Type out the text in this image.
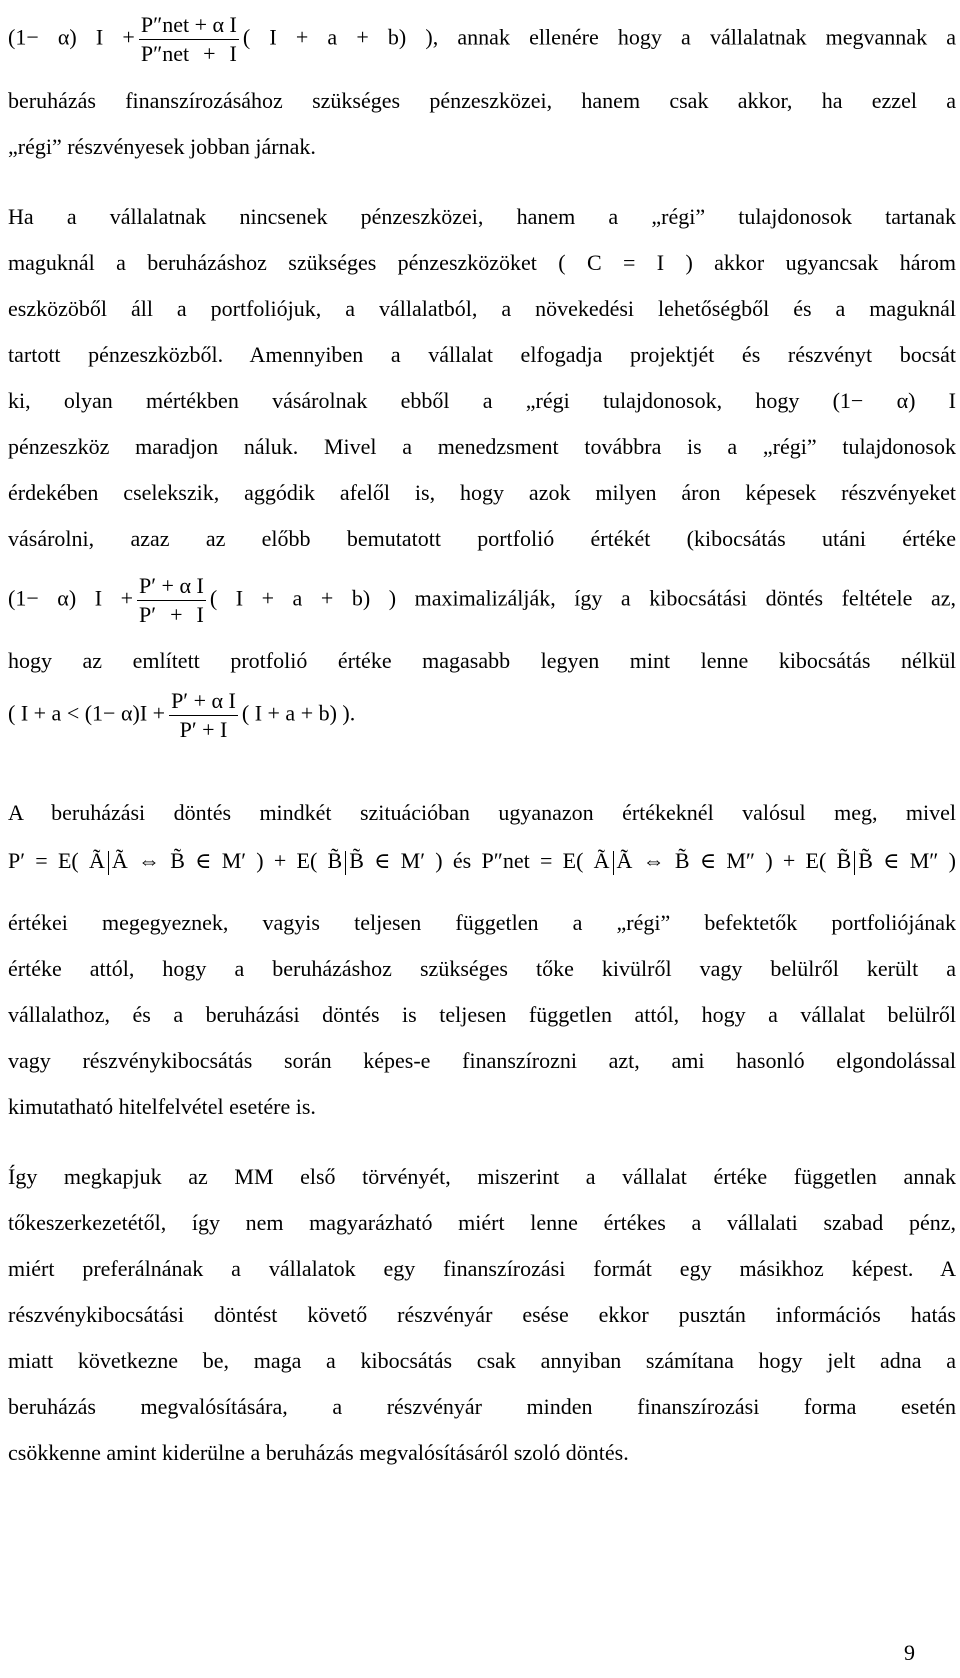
(1− α) $I + \frac{\text{P″net + α I}}{\text{P″net + I}}$ ( I + a + b) ), annak ellenére hogy a vállalatnak megvannak a
beruházás finanszírozásához szükséges pénzeszközei, hanem csak akkor, ha ezzel a
„régi” részvényesek jobban járnak.
Ha a vállalatnak nincsenek pénzeszközei, hanem a „régi” tulajdonosok tartanak
maguknál a beruházáshoz szükséges pénzeszközöket ( C = I ) akkor ugyancsak három
eszközöből áll a portfoliójuk, a vállalatból, a növekedési lehetőségből és a maguknál
tartott pénzeszközből. Amennyiben a vállalat elfogadja projektjét és részvényt bocsát
ki, olyan mértékben vásárolnak ebből a „régi tulajdonosok, hogy (1− α) I
pénzeszköz maradjon náluk. Mivel a menedzsment továbbra is a „régi” tulajdonosok
érdekében cselekszik, aggódik afelől is, hogy azok milyen áron képesek részvényeket
vásárolni, azaz az előbb bemutatott portfolió értékét (kibocsátás utáni értéke
(1− α) $I + \frac{\text{P′ + α I}}{P' + I}$ ( I + a + b) ) maximalizálják, így a kibocsátási döntés feltétele az,
hogy az említett protfolió értéke magasabb legyen mint lenne kibocsátás nélkül
( $I + a < (1- \alpha)I + \frac{\text{P′ + α I}}{P' + I}$ ( I + a + b) ).
A beruházási döntés mindkét szituációban ugyanazon értékeknél valósul meg, mivel
P′ = E( Ã Ã ⇔ B̃ ∈ M′ ) + E( B̃ B̃ ∈ M′ ) és P″net = E( Ã Ã ⇔ B̃ ∈ M″ ) + E( B̃ B̃ ∈ M″ )
értékei megegyeznek, vagyis teljesen független a „régi” befektetők portfoliójának
értéke attól, hogy a beruházáshoz szükséges tőke kivülről vagy belülről került a
vállalathoz, és a beruházási döntés is teljesen független attól, hogy a vállalat belülről
vagy részvénykibocsátás során képes-e finanszírozni azt, ami hasonló elgondolással
kimutatható hitelfelvétel esetére is.
Így megkapjuk az MM első törvényét, miszerint a vállalat értéke független annak
tőkeszerkezetétől, így nem magyarázható miért lenne értékes a vállalati szabad pénz,
miért preferálnának a vállalatok egy finanszírozási formát egy másikhoz képest. A
részvénykibocsátási döntést követő részvényár esése ekkor pusztán információs hatás
miatt következne be, maga a kibocsátás csak annyiban számítana hogy jelt adna a
beruházás megvalósítására, a részvényár minden finanszírozási forma esetén
csökkenne amint kiderülne a beruházás megvalósításáról szoló döntés.
9
